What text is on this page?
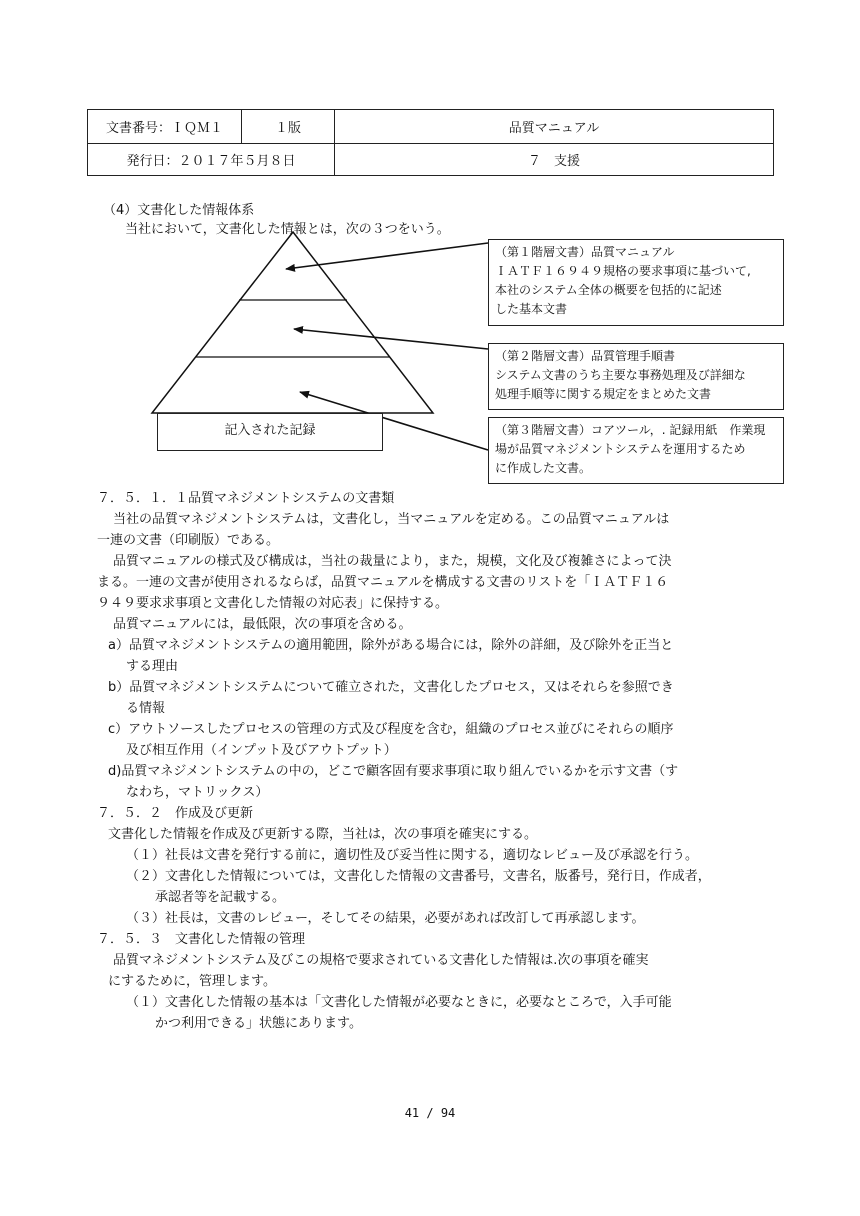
文書番号：ＩＱＭ１	１版	品質マニュアル
発行日：２０１７年５月８日		７　支援
（4）文書化した情報体系
当社において，文書化した情報とは，次の３つをいう。
記入された記録
（第１階層文書）品質マニュアル
ＩＡＴＦ１６９４９規格の要求事項に基づいて,
本社のシステム全体の概要を包括的に記述
した基本文書
（第２階層文書）品質管理手順書
システム文書のうち主要な事務処理及び詳細な
処理手順等に関する規定をまとめた文書
（第３階層文書）コアツール，. 記録用紙　作業現
場が品質マネジメントシステムを運用するため
に作成した文書。
７．５．１．１品質マネジメントシステムの文書類
当社の品質マネジメントシステムは，文書化し，当マニュアルを定める。この品質マニュアルは
一連の文書（印刷版）である。
品質マニュアルの様式及び構成は，当社の裁量により，また，規模，文化及び複雑さによって決
まる。一連の文書が使用されるならば，品質マニュアルを構成する文書のリストを「ＩＡＴＦ１６
９４９要求求事項と文書化した情報の対応表」に保持する。
品質マニュアルには，最低限，次の事項を含める。
a）品質マネジメントシステムの適用範囲，除外がある場合には，除外の詳細，及び除外を正当と
する理由
b）品質マネジメントシステムについて確立された，文書化したプロセス，又はそれらを参照でき
る情報
c）アウトソースしたプロセスの管理の方式及び程度を含む，組織のプロセス並びにそれらの順序
及び相互作用（インプット及びアウトプット）
d)品質マネジメントシステムの中の，どこで顧客固有要求事項に取り組んでいるかを示す文書（す
なわち，マトリックス）
７．５．２　作成及び更新
文書化した情報を作成及び更新する際，当社は，次の事項を確実にする。
（１）社長は文書を発行する前に，適切性及び妥当性に関する，適切なレビュー及び承認を行う。
（２）文書化した情報については，文書化した情報の文書番号，文書名，版番号，発行日，作成者，
承認者等を記載する。
（３）社長は，文書のレビュー，そしてその結果，必要があれば改訂して再承認します。
７．５．３　文書化した情報の管理
品質マネジメントシステム及びこの規格で要求されている文書化した情報は.次の事項を確実
にするために，管理します。
（１）文書化した情報の基本は「文書化した情報が必要なときに，必要なところで，入手可能
かつ利用できる」状態にあります。
41 / 94
